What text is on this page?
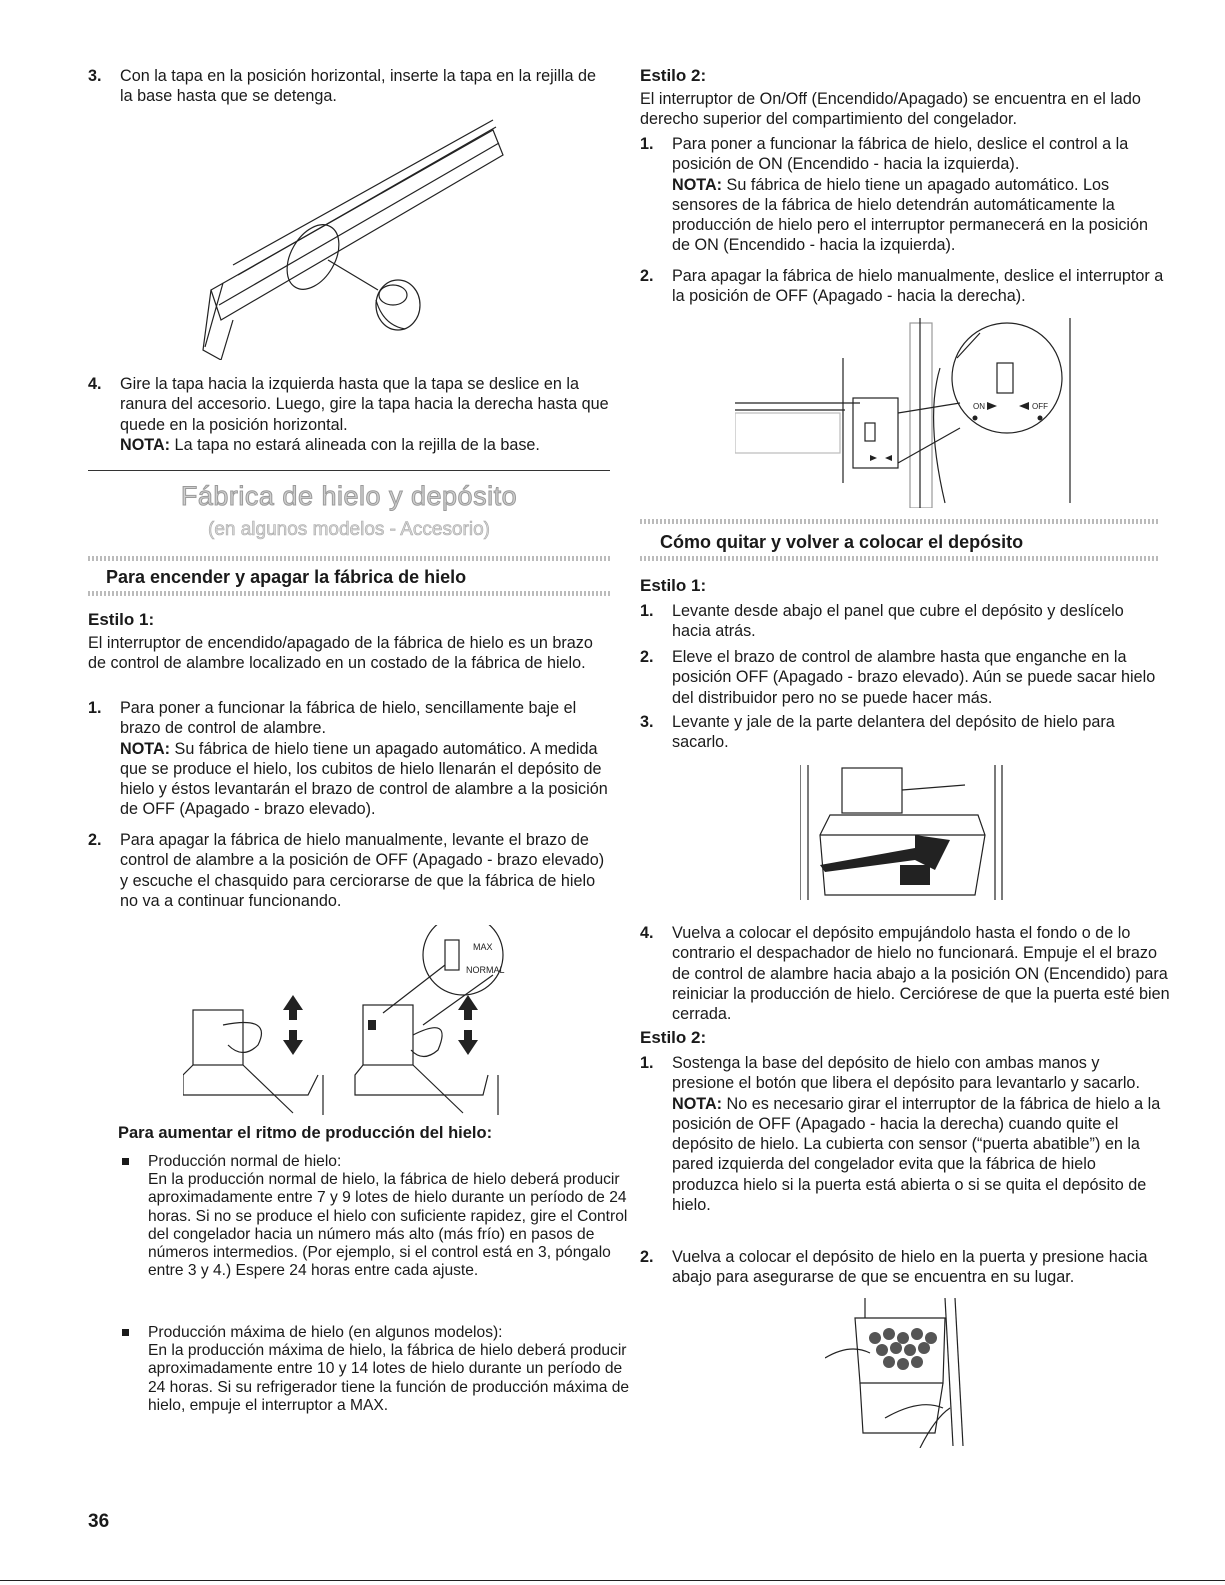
3. Con la tapa en la posición horizontal, inserte la tapa en la rejilla de la base hasta que se detenga.

4. Gire la tapa hacia la izquierda hasta que la tapa se deslice en la ranura del accesorio. Luego, gire la tapa hacia la derecha hasta que quede en la posición horizontal.

NOTA: La tapa no estará alineada con la rejilla de la base.

Fábrica de hielo y depósito
(en algunos modelos - Accesorio)
Para encender y apagar la fábrica de hielo
Estilo 1:

El interruptor de encendido/apagado de la fábrica de hielo es un brazo de control de alambre localizado en un costado de la fábrica de hielo.

1. Para poner a funcionar la fábrica de hielo, sencillamente baje el brazo de control de alambre.

NOTA: Su fábrica de hielo tiene un apagado automático. A medida que se produce el hielo, los cubitos de hielo llenarán el depósito de hielo y éstos levantarán el brazo de control de alambre a la posición de OFF (Apagado - brazo elevado).

2. Para apagar la fábrica de hielo manualmente, levante el brazo de control de alambre a la posición de OFF (Apagado - brazo elevado) y escuche el chasquido para cerciorarse de que la fábrica de hielo no va a continuar funcionando.

MAX
NORMAL
Para aumentar el ritmo de producción del hielo:

Producción normal de hielo:

En la producción normal de hielo, la fábrica de hielo deberá producir aproximadamente entre 7 y 9 lotes de hielo durante un período de 24 horas. Si no se produce el hielo con suficiente rapidez, gire el Control del congelador hacia un número más alto (más frío) en pasos de números intermedios. (Por ejemplo, si el control está en 3, póngalo entre 3 y 4.) Espere 24 horas entre cada ajuste.

Producción máxima de hielo (en algunos modelos):

En la producción máxima de hielo, la fábrica de hielo deberá producir aproximadamente entre 10 y 14 lotes de hielo durante un período de 24 horas. Si su refrigerador tiene la función de producción máxima de hielo, empuje el interruptor a MAX.

Estilo 2:

El interruptor de On/Off (Encendido/Apagado) se encuentra en el lado derecho superior del compartimiento del congelador.

1. Para poner a funcionar la fábrica de hielo, deslice el control a la posición de ON (Encendido - hacia la izquierda).

NOTA: Su fábrica de hielo tiene un apagado automático. Los sensores de la fábrica de hielo detendrán automáticamente la producción de hielo pero el interruptor permanecerá en la posición de ON (Encendido - hacia la izquierda).

2. Para apagar la fábrica de hielo manualmente, deslice el interruptor a la posición de OFF (Apagado - hacia la derecha).

ON	OFF
Cómo quitar y volver a colocar el depósito
Estilo 1:
1. Levante desde abajo el panel que cubre el depósito y deslícelo hacia atrás.

2. Eleve el brazo de control de alambre hasta que enganche en la posición OFF (Apagado - brazo elevado). Aún se puede sacar hielo del distribuidor pero no se puede hacer más.

3. Levante y jale de la parte delantera del depósito de hielo para sacarlo.

4. Vuelva a colocar el depósito empujándolo hasta el fondo o de lo contrario el despachador de hielo no funcionará. Empuje el el brazo de control de alambre hacia abajo a la posición ON (Encendido) para reiniciar la producción de hielo. Cerciórese de que la puerta esté bien cerrada.

Estilo 2:
1. Sostenga la base del depósito de hielo con ambas manos y presione el botón que libera el depósito para levantarlo y sacarlo.

NOTA: No es necesario girar el interruptor de la fábrica de hielo a la posición de OFF (Apagado - hacia la derecha) cuando quite el depósito de hielo. La cubierta con sensor (“puerta abatible”) en la pared izquierda del congelador evita que la fábrica de hielo produzca hielo si la puerta está abierta o si se quita el depósito de hielo.

2. Vuelva a colocar el depósito de hielo en la puerta y presione hacia abajo para asegurarse de que se encuentra en su lugar.

36
